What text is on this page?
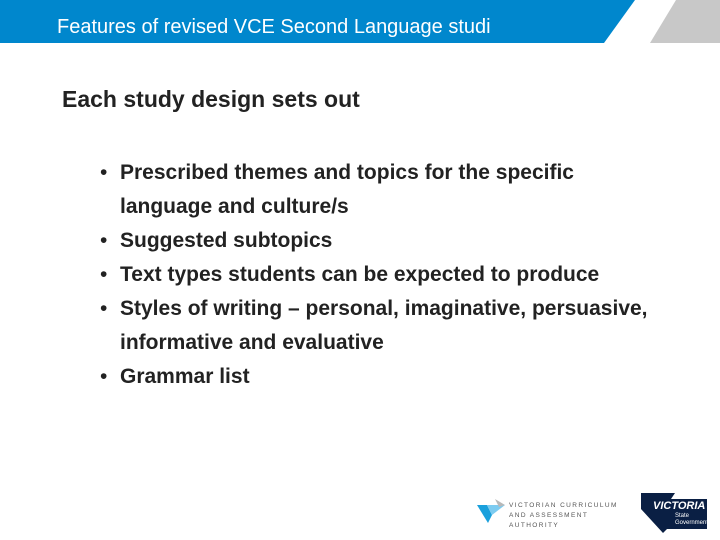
Features of revised VCE Second Language studi
Each study design sets out
• Prescribed themes and topics for the specific language and culture/s
• Suggested subtopics
• Text types students can be expected to produce
• Styles of writing – personal, imaginative, persuasive, informative and evaluative
• Grammar list
VICTORIAN CURRICULUM
AND ASSESSMENT AUTHORITY
VICTORIA
State
Government
